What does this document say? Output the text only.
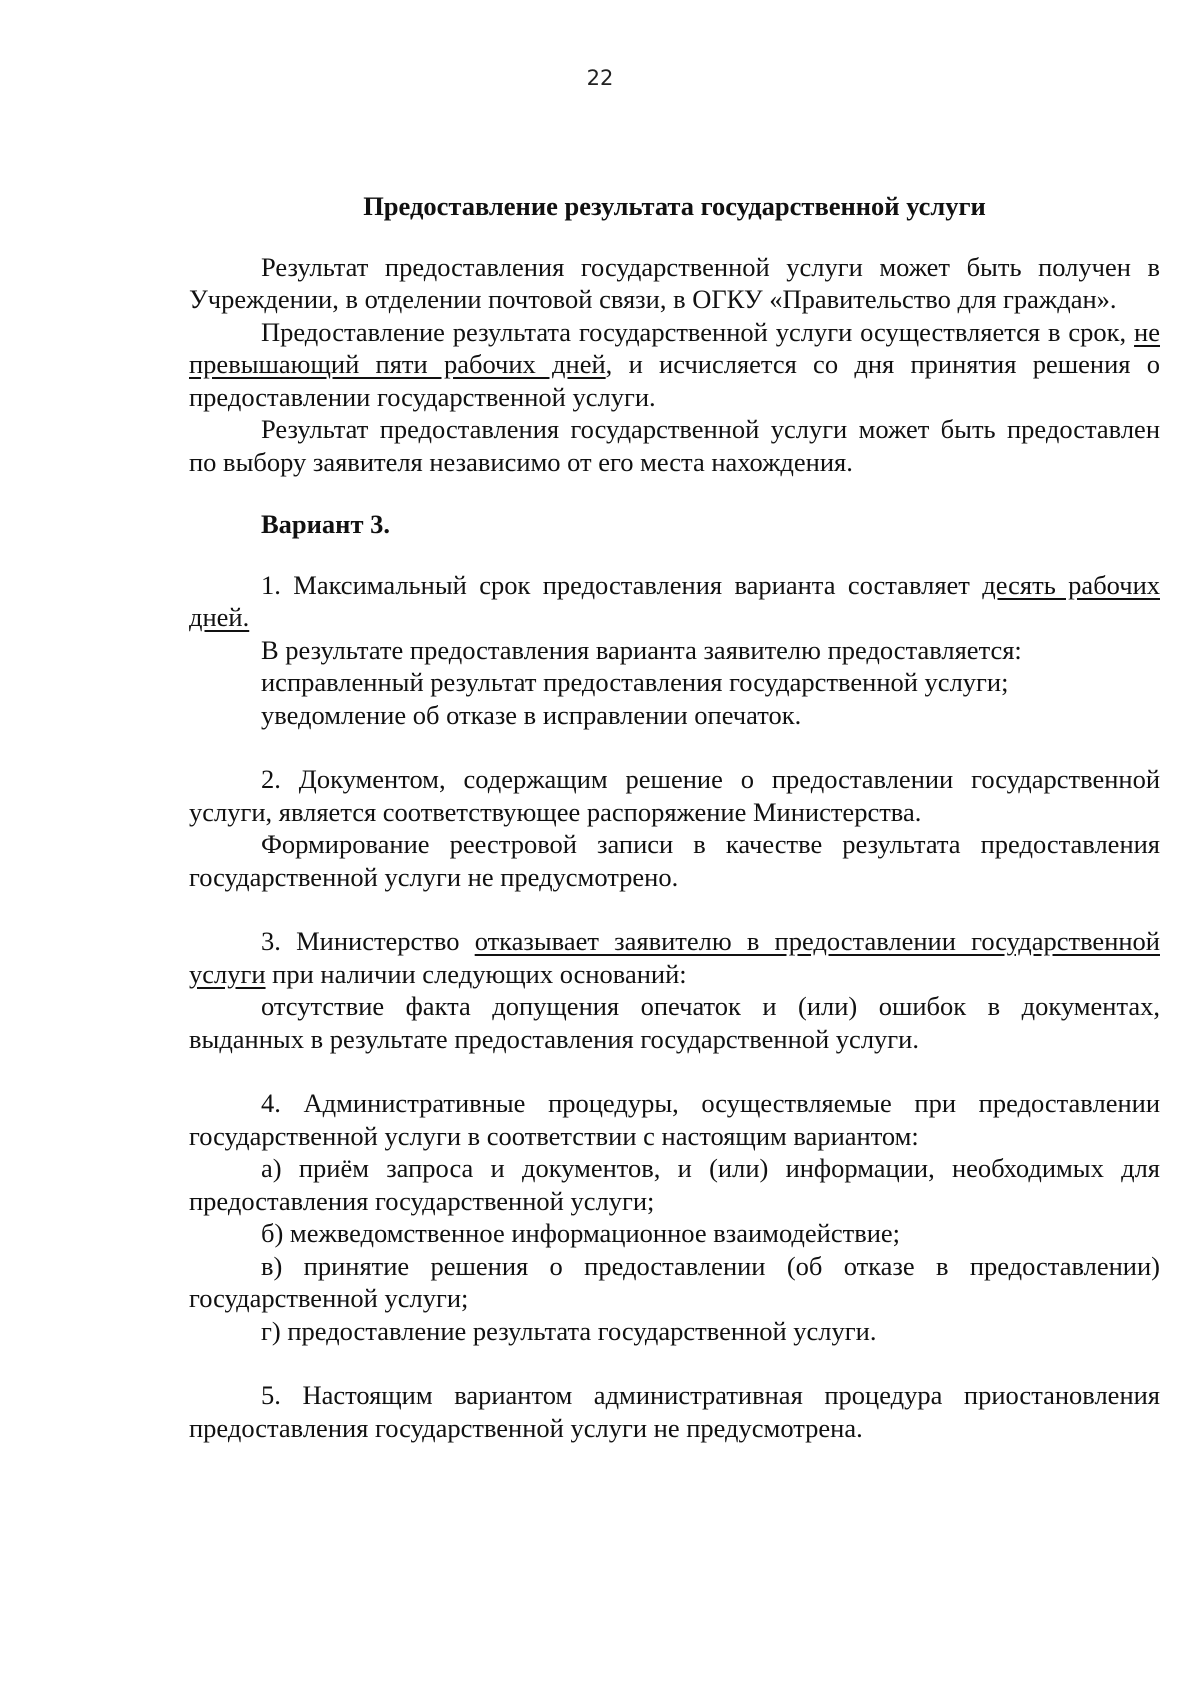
22
Предоставление результата государственной услуги

Результат предоставления государственной услуги может быть получен в Учреждении, в отделении почтовой связи, в ОГКУ «Правительство для граждан».

Предоставление результата государственной услуги осуществляется в срок, не превышающий пяти рабочих дней, и исчисляется со дня принятия решения о предоставлении государственной услуги.

Результат предоставления государственной услуги может быть предоставлен по выбору заявителя независимо от его места нахождения.

Вариант 3.

1. Максимальный срок предоставления варианта составляет десять рабочих дней.

В результате предоставления варианта заявителю предоставляется:

исправленный результат предоставления государственной услуги;

уведомление об отказе в исправлении опечаток.

2. Документом, содержащим решение о предоставлении государственной услуги, является соответствующее распоряжение Министерства.

Формирование реестровой записи в качестве результата предоставления государственной услуги не предусмотрено.

3. Министерство отказывает заявителю в предоставлении государственной услуги при наличии следующих оснований:

отсутствие факта допущения опечаток и (или) ошибок в документах, выданных в результате предоставления государственной услуги.

4. Административные процедуры, осуществляемые при предоставлении государственной услуги в соответствии с настоящим вариантом:

а) приём запроса и документов, и (или) информации, необходимых для предоставления государственной услуги;

б) межведомственное информационное взаимодействие;

в) принятие решения о предоставлении (об отказе в предоставлении) государственной услуги;

г) предоставление результата государственной услуги.

5. Настоящим вариантом административная процедура приостановления предоставления государственной услуги не предусмотрена.
